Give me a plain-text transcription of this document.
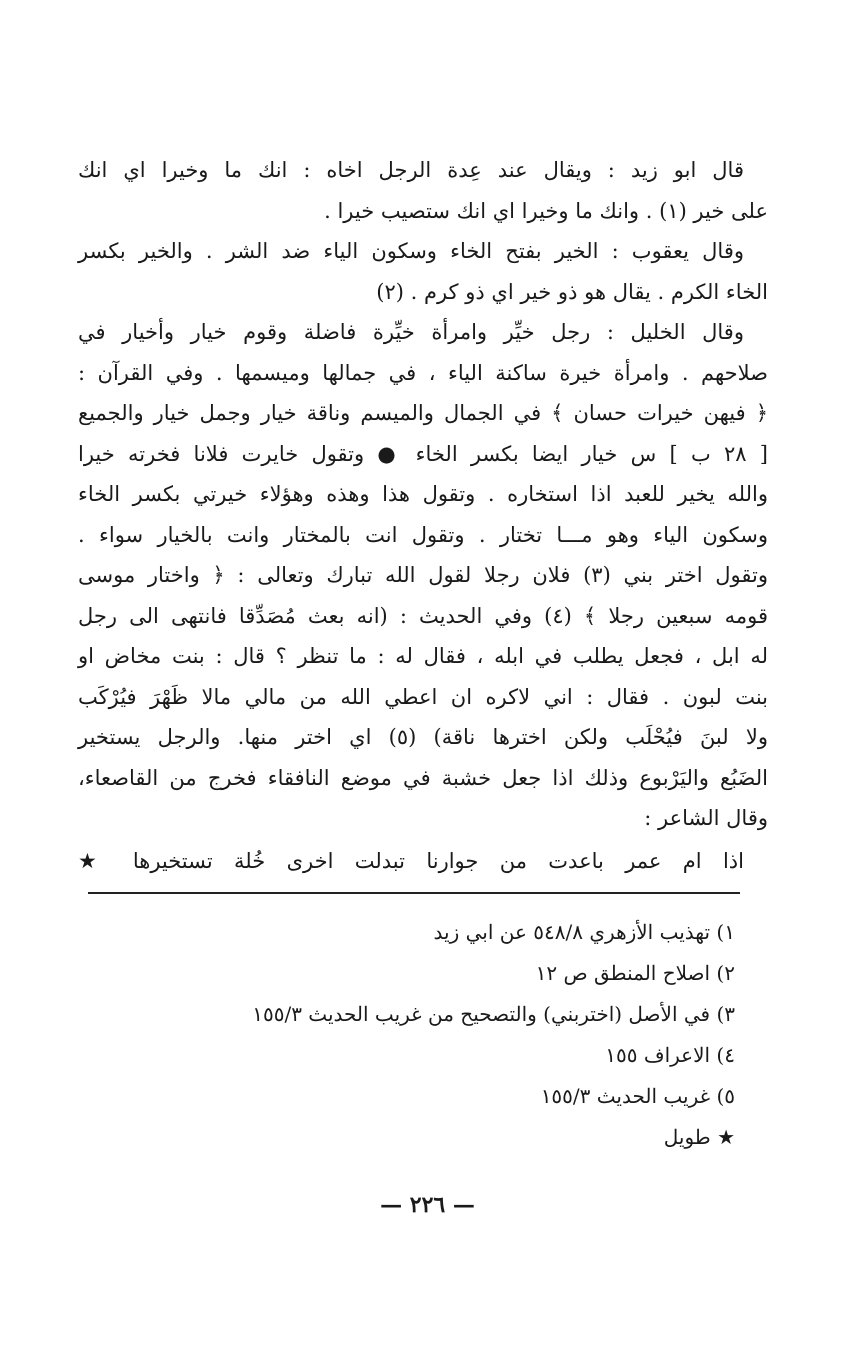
قال ابو زيد : ويقال عند عِدة الرجل اخاه : انك ما وخيرا اي انك
على خير (١) . وانك ما وخيرا اي انك ستصيب خيرا .
وقال يعقوب : الخير بفتح الخاء وسكون الياء ضد الشر . والخير بكسر
الخاء الكرم . يقال هو ذو خير اي ذو كرم . (٢)
وقال الخليل : رجل خيِّر وامرأة خيِّرة فاضلة وقوم خيار وأخيار في
صلاحهم . وامرأة خيرة ساكنة الياء ، في جمالها وميسمها . وفي القرآن :
﴿ فيهن خيرات حسان ﴾ في الجمال والميسم وناقة خيار وجمل خيار والجميع
[ ٢٨ ب ] س خيار ايضا بكسر الخاء ● وتقول خايرت فلانا فخرته خيرا
والله يخير للعبد اذا استخاره . وتقول هذا وهذه وهؤلاء خيرتي بكسر الخاء
وسكون الياء وهو مـــا تختار . وتقول انت بالمختار وانت بالخيار سواء .
وتقول اختر بني (٣) فلان رجلا لقول الله تبارك وتعالى : ﴿ واختار موسى
قومه سبعين رجلا ﴾ (٤) وفي الحديث : (انه بعث مُصَدِّقا فانتهى الى رجل
له ابل ، فجعل يطلب في ابله ، فقال له : ما تنظر ؟ قال : بنت مخاض او
بنت لبون . فقال : اني لاكره ان اعطي الله من مالي مالا ظَهْرَ فيُرْكَب
ولا لبنَ فيُحْلَب ولكن اخترها ناقة) (٥) اي اختر منها. والرجل يستخير
الضَبُع واليَرْبوع وذلك اذا جعل خشبة في موضع النافقاء فخرج من القاصعاء،
وقال الشاعر :
اذا ام عمر باعدت من جوارنا تبدلت اخرى خُلة تستخيرها ★
١) تهذيب الأزهري ٥٤٨/٨ عن ابي زيد
٢) اصلاح المنطق ص ١٢
٣) في الأصل (اختربني) والتصحيح من غريب الحديث ١٥٥/٣
٤) الاعراف ١٥٥
٥) غريب الحديث ١٥٥/٣
★ طويل
— ٢٢٦ —
